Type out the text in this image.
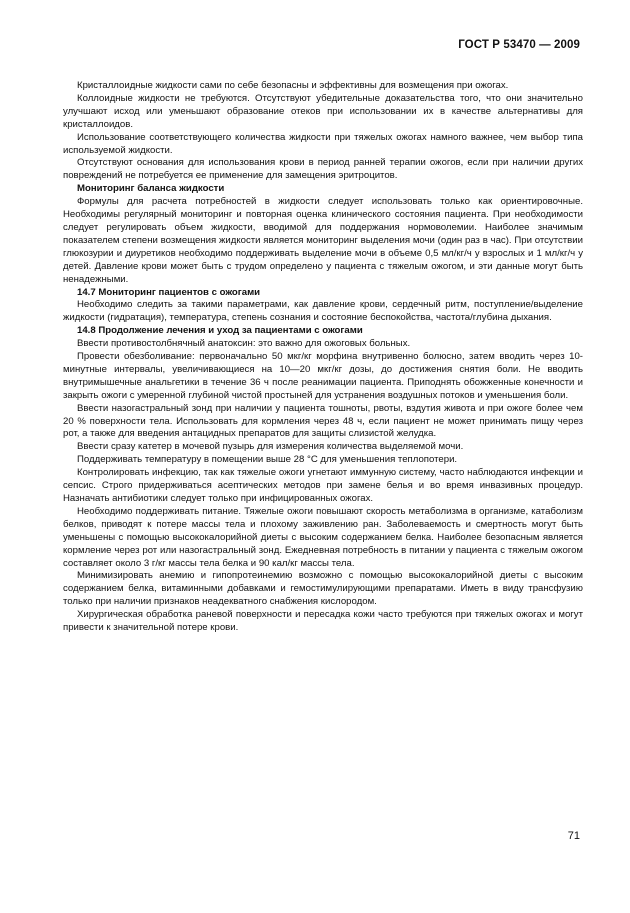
ГОСТ Р 53470 — 2009

Кристаллоидные жидкости сами по себе безопасны и эффективны для возмещения при ожогах.

Коллоидные жидкости не требуются. Отсутствуют убедительные доказательства того, что они значительно улучшают исход или уменьшают образование отеков при использовании их в качестве альтернативы для кристаллоидов.

Использование соответствующего количества жидкости при тяжелых ожогах намного важнее, чем выбор типа используемой жидкости.

Отсутствуют основания для использования крови в период ранней терапии ожогов, если при наличии других повреждений не потребуется ее применение для замещения эритроцитов.

Мониторинг баланса жидкости

Формулы для расчета потребностей в жидкости следует использовать только как ориентировочные. Необходимы регулярный мониторинг и повторная оценка клинического состояния пациента. При необходимости следует регулировать объем жидкости, вводимой для поддержания нормоволемии. Наиболее значимым показателем степени возмещения жидкости является мониторинг выделения мочи (один раз в час). При отсутствии глюкозурии и диуретиков необходимо поддерживать выделение мочи в объеме 0,5 мл/кг/ч у взрослых и 1 мл/кг/ч у детей. Давление крови может быть с трудом определено у пациента с тяжелым ожогом, и эти данные могут быть ненадежными.

14.7 Мониторинг пациентов с ожогами

Необходимо следить за такими параметрами, как давление крови, сердечный ритм, поступление/выделение жидкости (гидратация), температура, степень сознания и состояние беспокойства, частота/глубина дыхания.

14.8 Продолжение лечения и уход за пациентами с ожогами

Ввести противостолбнячный анатоксин: это важно для ожоговых больных.

Провести обезболивание: первоначально 50 мкг/кг морфина внутривенно болюсно, затем вводить через 10-минутные интервалы, увеличивающиеся на 10—20 мкг/кг дозы, до достижения снятия боли. Не вводить внутримышечные анальгетики в течение 36 ч после реанимации пациента. Приподнять обожженные конечности и закрыть ожоги с умеренной глубиной чистой простыней для устранения воздушных потоков и уменьшения боли.

Ввести назогастральный зонд при наличии у пациента тошноты, рвоты, вздутия живота и при ожоге более чем 20 % поверхности тела. Использовать для кормления через 48 ч, если пациент не может принимать пищу через рот, а также для введения антацидных препаратов для защиты слизистой желудка.

Ввести сразу катетер в мочевой пузырь для измерения количества выделяемой мочи.

Поддерживать температуру в помещении выше 28 °С для уменьшения теплопотери.

Контролировать инфекцию, так как тяжелые ожоги угнетают иммунную систему, часто наблюдаются инфекции и сепсис. Строго придерживаться асептических методов при замене белья и во время инвазивных процедур. Назначать антибиотики следует только при инфицированных ожогах.

Необходимо поддерживать питание. Тяжелые ожоги повышают скорость метаболизма в организме, катаболизм белков, приводят к потере массы тела и плохому заживлению ран. Заболеваемость и смертность могут быть уменьшены с помощью высококалорийной диеты с высоким содержанием белка. Наиболее безопасным является кормление через рот или назогастральный зонд. Ежедневная потребность в питании у пациента с тяжелым ожогом составляет около 3 г/кг массы тела белка и 90 кал/кг массы тела.

Минимизировать анемию и гипопротеинемию возможно с помощью высококалорийной диеты с высоким содержанием белка, витаминными добавками и гемостимулирующими препаратами. Иметь в виду трансфузию только при наличии признаков неадекватного снабжения кислородом.

Хирургическая обработка раневой поверхности и пересадка кожи часто требуются при тяжелых ожогах и могут привести к значительной потере крови.

71
